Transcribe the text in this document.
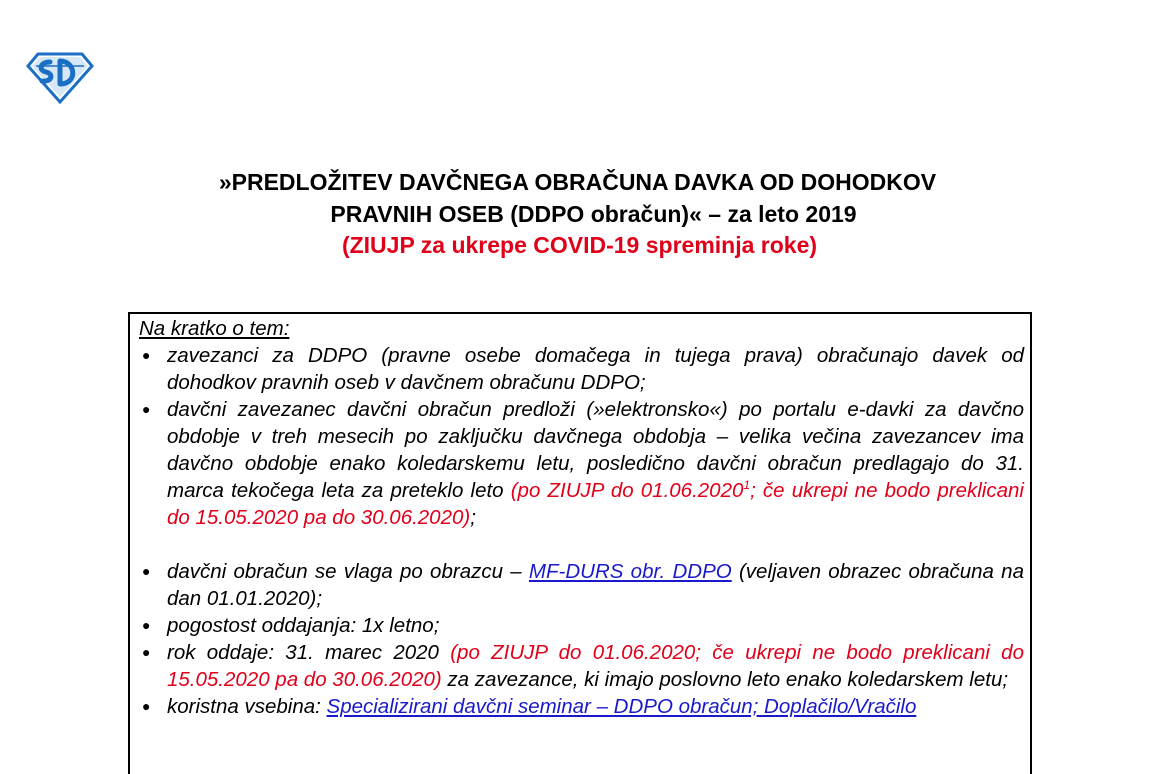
»PREDLOŽITEV DAVČNEGA OBRAČUNA DAVKA OD DOHODKOV
PRAVNIH OSEB (DDPO obračun)« – za leto 2019
(ZIUJP za ukrepe COVID-19 spreminja roke)
Na kratko o tem:
● zavezanci za DDPO (pravne osebe domačega in tujega prava) obračunajo davek od dohodkov pravnih oseb v davčnem obračunu DDPO;
● davčni zavezanec davčni obračun predloži (»elektronsko«) po portalu e-davki za davčno obdobje v treh mesecih po zaključku davčnega obdobja – velika večina zavezancev ima davčno obdobje enako koledarskemu letu, posledično davčni obračun predlagajo do 31. marca tekočega leta za preteklo leto (po ZIUJP do 01.06.2020$^1$; če ukrepi ne bodo preklicani do 15.05.2020 pa do 30.06.2020);
● davčni obračun se vlaga po obrazcu – MF-DURS obr. DDPO (veljaven obrazec obračuna na dan 01.01.2020);
● pogostost oddajanja: 1x letno;
● rok oddaje: 31. marec 2020 (po ZIUJP do 01.06.2020; če ukrepi ne bodo preklicani do 15.05.2020 pa do 30.06.2020) za zavezance, ki imajo poslovno leto enako koledarskem letu;
● koristna vsebina: Specializirani davčni seminar – DDPO obračun; Doplačilo/Vračilo
